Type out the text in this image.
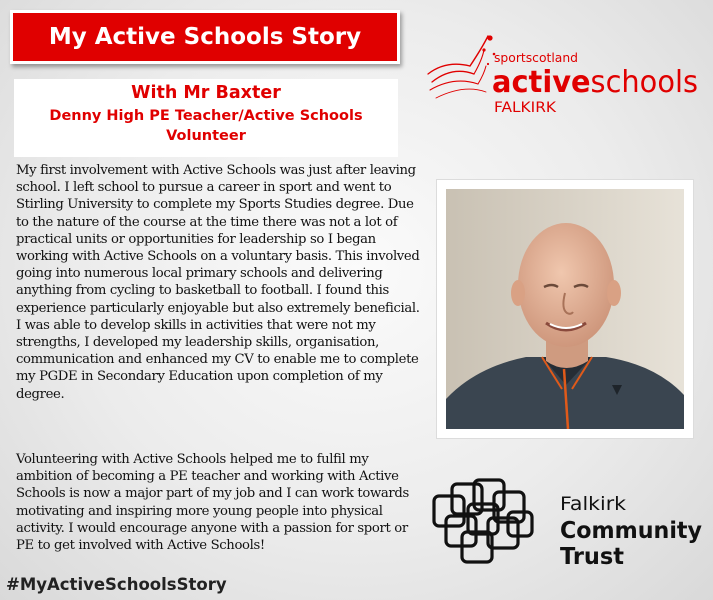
My Active Schools Story
sportscotland
activeschools
FALKIRK
With Mr Baxter
Denny High PE Teacher/Active Schools
Volunteer

My first involvement with Active Schools was just after leaving school. I left school to pursue a career in sport and went to Stirling University to complete my Sports Studies degree. Due to the nature of the course at the time there was not a lot of practical units or opportunities for leadership so I began working with Active Schools on a voluntary basis. This involved going into numerous local primary schools and delivering anything from cycling to basketball to football. I found this experience particularly enjoyable but also extremely beneficial. I was able to develop skills in activities that were not my strengths, I developed my leadership skills, organisation, communication and enhanced my CV to enable me to complete my PGDE in Secondary Education upon completion of my degree.

Volunteering with Active Schools helped me to fulfil my ambition of becoming a PE teacher and working with Active Schools is now a major part of my job and I can work towards motivating and inspiring more young people into physical activity. I would encourage anyone with a passion for sport or PE to get involved with Active Schools!

Falkirk
Community
Trust
#MyActiveSchoolsStory
